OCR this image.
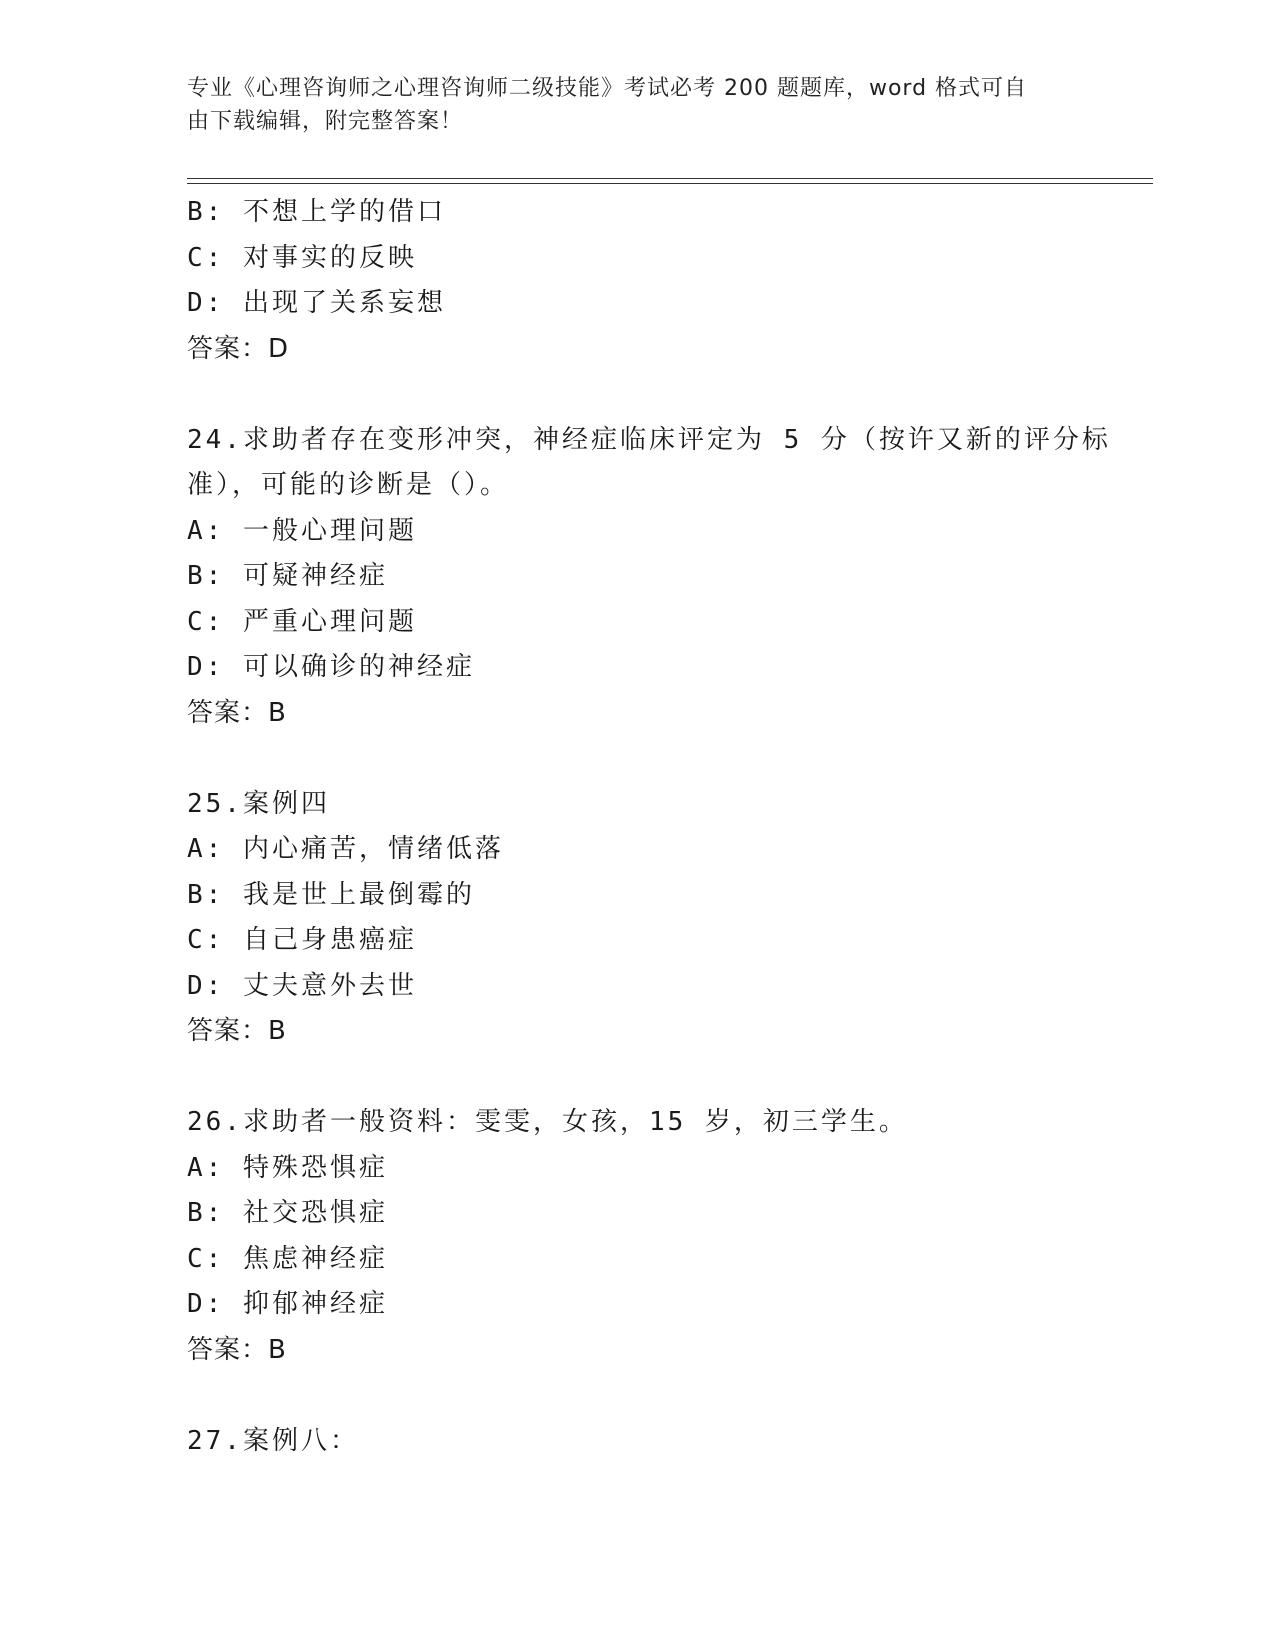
专业《心理咨询师之心理咨询师二级技能》考试必考 200 题题库，word 格式可自
由下载编辑，附完整答案！
B: 不想上学的借口
C: 对事实的反映
D: 出现了关系妄想
答案：D
24.求助者存在变形冲突，神经症临床评定为 5 分（按许又新的评分标
准），可能的诊断是（）。
A: 一般心理问题
B: 可疑神经症
C: 严重心理问题
D: 可以确诊的神经症
答案：B
25.案例四
A: 内心痛苦，情绪低落
B: 我是世上最倒霉的
C: 自己身患癌症
D: 丈夫意外去世
答案：B
26.求助者一般资料：雯雯，女孩，15 岁，初三学生。
A: 特殊恐惧症
B: 社交恐惧症
C: 焦虑神经症
D: 抑郁神经症
答案：B
27.案例八：
